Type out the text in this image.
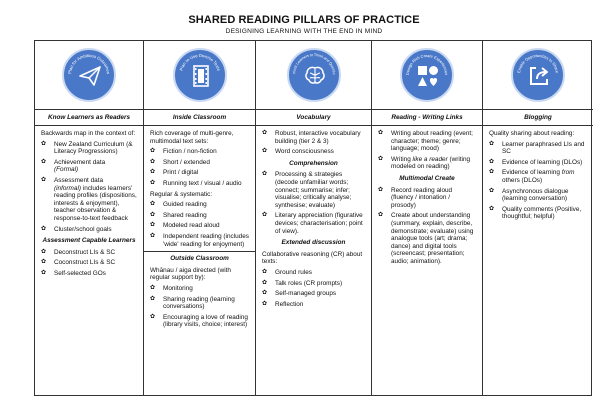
SHARED READING PILLARS OF PRACTICE
DESIGNING LEARNING WITH THE END IN MIND
Plan for Ambitious Outcomes
Know Learners as Readers

Backwards map in the context of:

✿ New Zealand Curriculum (& Literacy Progressions)
✿ Achievement data
(Formal)
✿ Assessment data
(informal) includes learners' reading profiles (dispositions, interests & enjoyment), teacher observation & response-to-text feedback
✿ Cluster/school goals
Assessment Capable Learners
✿ Deconstruct LIs & SC
✿ Coconstruct LIs & SC
✿ Self-selected GOs
Plan to Use Diverse Texts
Inside Classroom

Rich coverage of multi-genre, multimodal text sets:

✿ Fiction / non-fiction
✿ Short / extended
✿ Print / digital
✿ Running text / visual / audio

Regular & systematic:

✿ Guided reading
✿ Shared reading
✿ Modeled read aloud
✿ Independent reading (includes 'wide' reading for enjoyment)
Outside Classroom

Whānau / aiga directed (with regular support by):

✿ Monitoring
✿ Sharing reading (learning conversations)
✿ Encouraging a love of reading (library visits, choice; interest)
nlock Learners to Think and Questio
Vocabulary
✿ Robust, interactive vocabulary building (tier 2 & 3)
✿ Word consciousness
Comprehension
✿ Processing & strategies (decode unfamiliar words; connect; summarise; infer; visualise; critically analyse; synthesise; evaluate)
✿ Literary appreciation (figurative devices; characterisation; point of view).
Extended discussion

Collaborative reasoning (CR) about texts:

✿ Ground rules
✿ Talk roles (CR prompts)
✿ Self-managed groups
✿ Reflection
Design Rich Create Experiences
Reading - Writing Links
✿ Writing about reading (event; character; theme; genre; language; mood)
✿ Writing like a reader (writing modeled on reading)
Multimodal Create
✿ Record reading aloud (fluency / intonation / prosody)
✿ Create about understanding (summary, explain, describe, demonstrate; evaluate) using analogue tools (art; drama; dance) and digital tools (screencast; presentation; audio; animation).
Enable Opportunities to Share
Blogging

Quality sharing about reading:

✿ Learner paraphrased LIs and SC
✿ Evidence of learning (DLOs)
✿ Evidence of learning from others (DLOs)
✿ Asynchronous dialogue (learning conversation)
✿ Quality comments (Positive, thoughtful; helpful)
